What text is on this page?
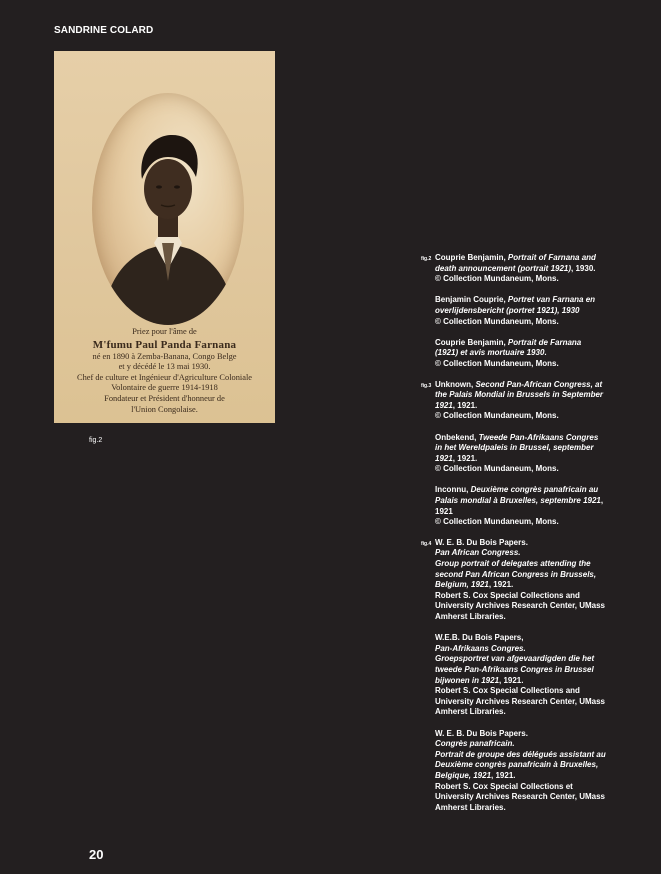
SANDRINE COLARD
Priez pour l'âme de
M'fumu Paul Panda Farnana
né en 1890 à Zemba-Banana, Congo Belge
et y décédé le 13 mai 1930.
Chef de culture et Ingénieur d'Agriculture Coloniale
Volontaire de guerre 1914-1918
Fondateur et Président d'honneur de
l'Union Congolaise.
fig.2
fig.2 Couprie Benjamin, Portrait of Farnana and death announcement (portrait 1921), 1930.
© Collection Mundaneum, Mons.
Benjamin Couprie, Portret van Farnana en overlijdensbericht (portret 1921), 1930
© Collection Mundaneum, Mons.
Couprie Benjamin, Portrait de Farnana (1921) et avis mortuaire 1930.
© Collection Mundaneum, Mons.
fig.3 Unknown, Second Pan-African Congress, at the Palais Mondial in Brussels in September 1921, 1921.
© Collection Mundaneum, Mons.
Onbekend, Tweede Pan-Afrikaans Congres in het Wereldpaleis in Brussel, september 1921, 1921.
© Collection Mundaneum, Mons.
Inconnu, Deuxième congrès panafricain au Palais mondial à Bruxelles, septembre 1921, 1921
© Collection Mundaneum, Mons.
fig.4 W. E. B. Du Bois Papers.
Pan African Congress.
Group portrait of delegates attending the second Pan African Congress in Brussels, Belgium, 1921, 1921.
Robert S. Cox Special Collections and University Archives Research Center, UMass Amherst Libraries.
W.E.B. Du Bois Papers,
Pan-Afrikaans Congres.
Groepsportret van afgevaardigden die het tweede Pan-Afrikaans Congres in Brussel bijwonen in 1921, 1921.
Robert S. Cox Special Collections and University Archives Research Center, UMass Amherst Libraries.
W. E. B. Du Bois Papers.
Congrès panafricain.
Portrait de groupe des délégués assistant au Deuxième congrès panafricain à Bruxelles, Belgique, 1921, 1921.
Robert S. Cox Special Collections et University Archives Research Center, UMass Amherst Libraries.
20
